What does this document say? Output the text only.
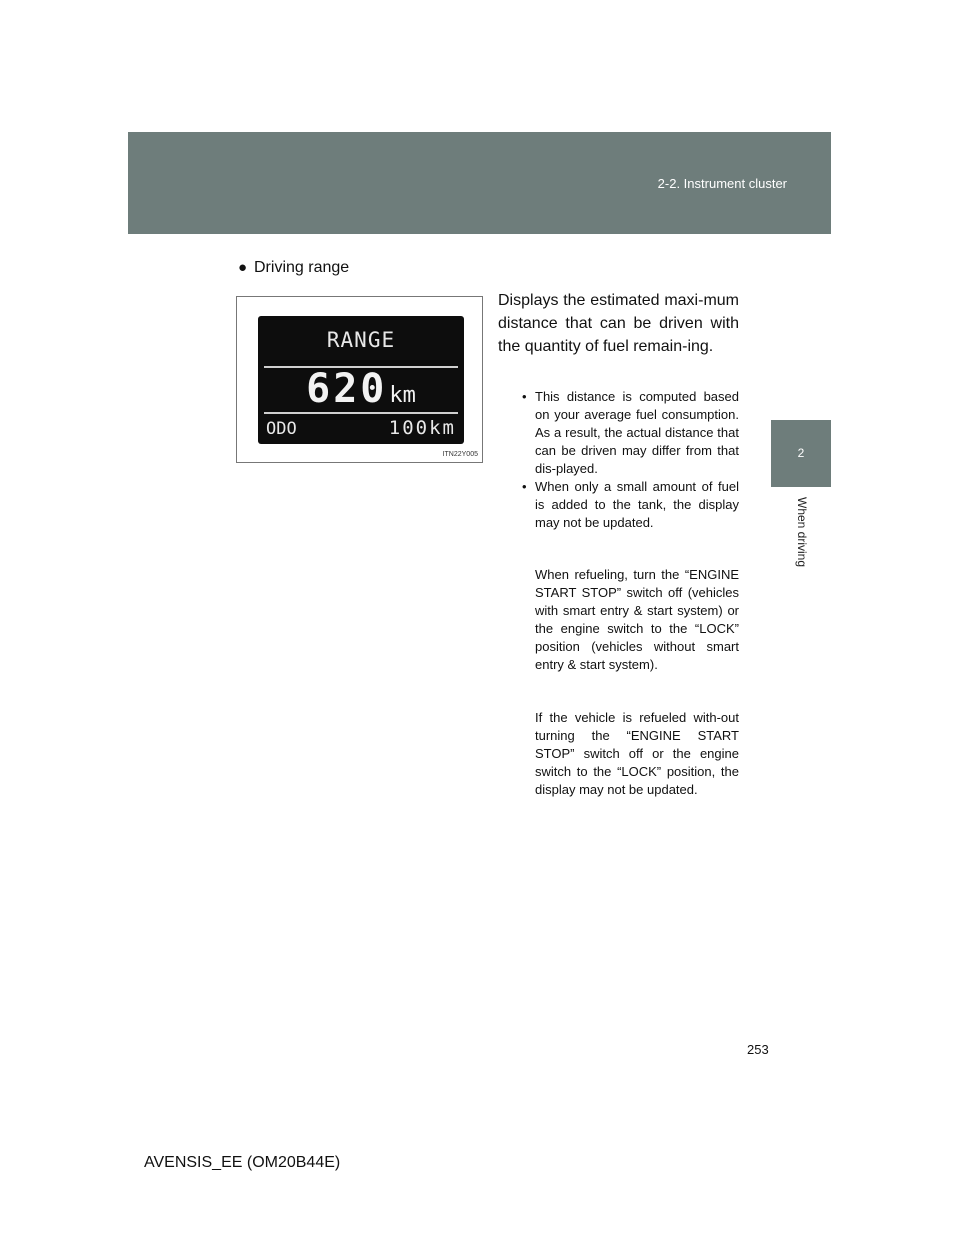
2-2. Instrument cluster
2
When driving
● Driving range
RANGE
620km
ODO	100km
ITN22Y005

Displays the estimated maxi-mum distance that can be driven with the quantity of fuel remain-ing.

• This distance is computed based on your average fuel consumption. As a result, the actual distance that can be driven may differ from that dis-played.
• When only a small amount of fuel is added to the tank, the display may not be updated.

When refueling, turn the “ENGINE START STOP” switch off (vehicles with smart entry & start system) or the engine switch to the “LOCK” position (vehicles without smart entry & start system).

If the vehicle is refueled with-out turning the “ENGINE START STOP” switch off or the engine switch to the “LOCK” position, the display may not be updated.

253
AVENSIS_EE (OM20B44E)
